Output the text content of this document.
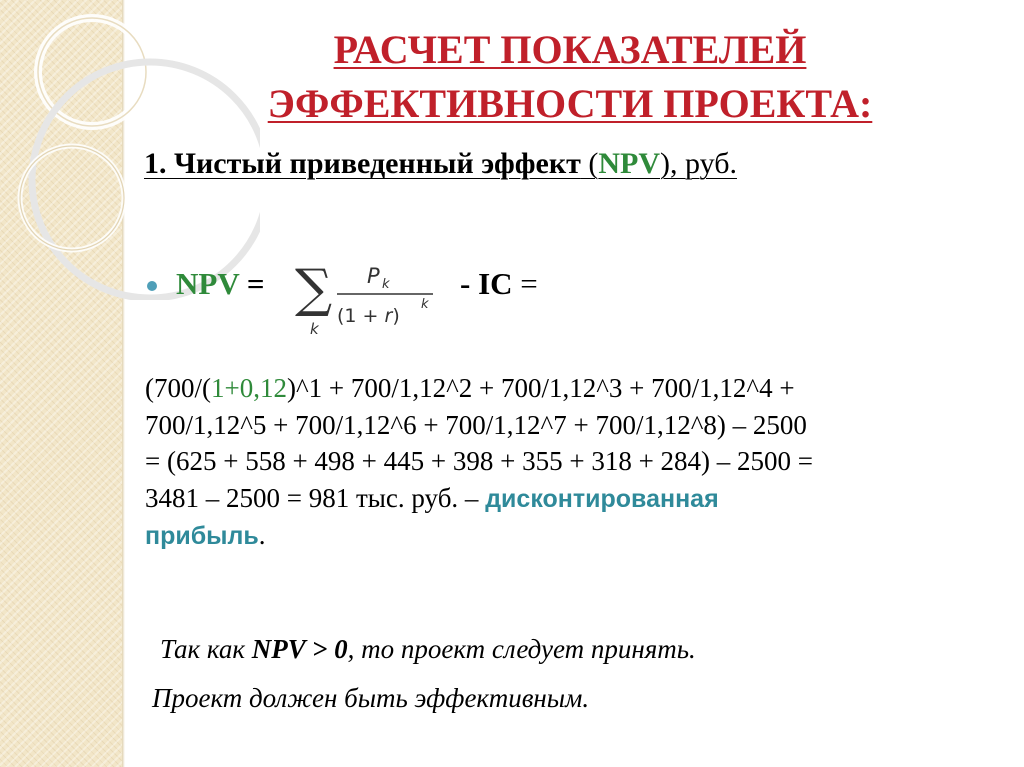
РАСЧЕТ ПОКАЗАТЕЛЕЙ
ЭФФЕКТИВНОСТИ ПРОЕКТА:
1. Чистый приведенный эффект (NPV), руб.
NPV = ∑
k
P k
(1 + r)
k
- IC =
(700/(1+0,12)^1 + 700/1,12^2 + 700/1,12^3 + 700/1,12^4 +
700/1,12^5 + 700/1,12^6 + 700/1,12^7 + 700/1,12^8) – 2500
= (625 + 558 + 498 + 445 + 398 + 355 + 318 + 284) – 2500 =
3481 – 2500 = 981 тыс. руб. – дисконтированная
прибыль.
Так как NPV > 0, то проект следует принять.
Проект должен быть эффективным.
